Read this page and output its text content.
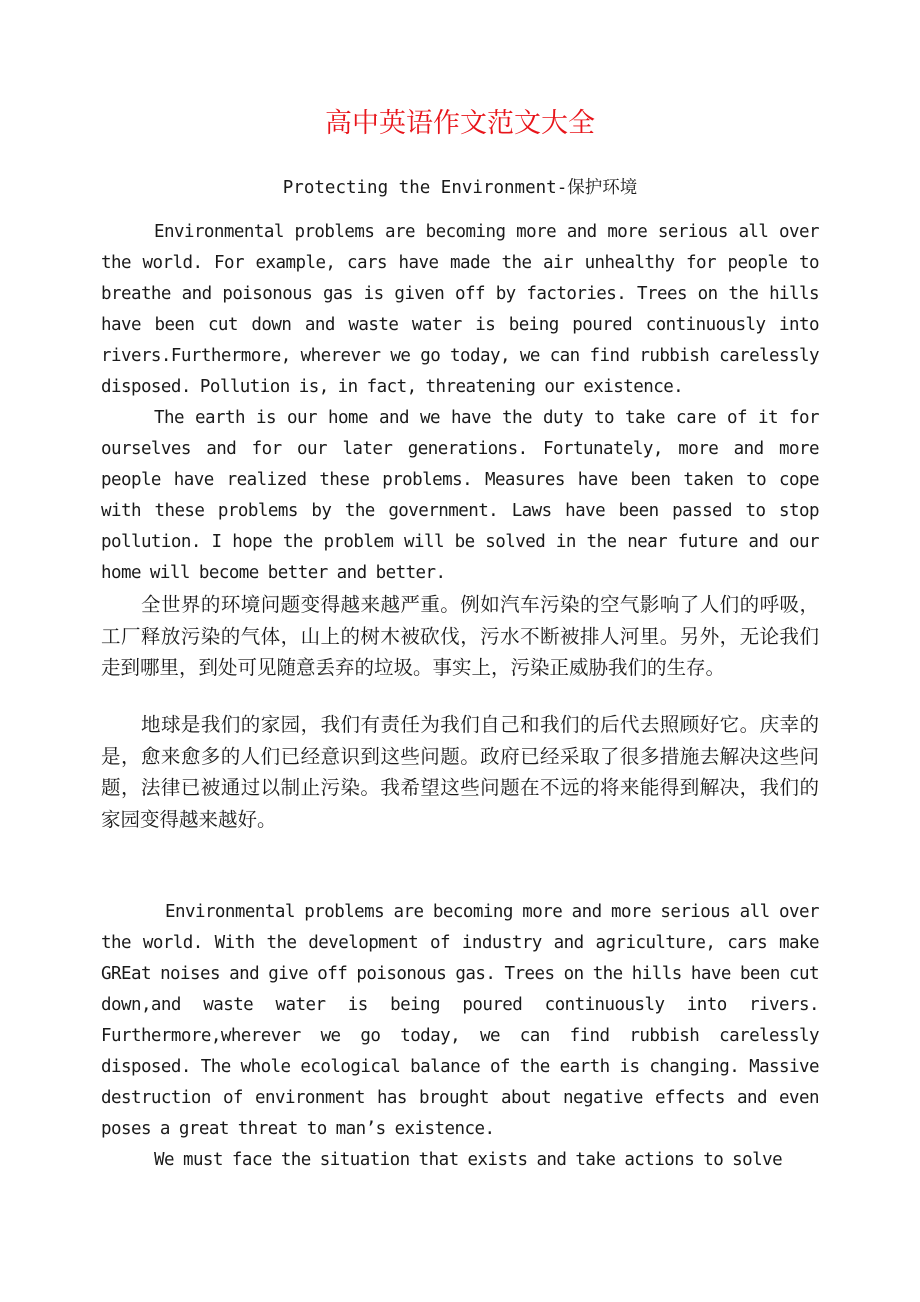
高中英语作文范文大全
Protecting the Environment-保护环境

Environmental problems are becoming more and more serious all over the world. For example, cars have made the air unhealthy for people to breathe and poisonous gas is given off by factories. Trees on the hills have been cut down and waste water is being poured continuously into rivers.Furthermore, wherever we go today, we can find rubbish carelessly disposed. Pollution is, in fact, threatening our existence.

The earth is our home and we have the duty to take care of it for ourselves and for our later generations. Fortunately, more and more people have realized these problems. Measures have been taken to cope with these problems by the government. Laws have been passed to stop pollution. I hope the problem will be solved in the near future and our home will become better and better.

全世界的环境问题变得越来越严重。例如汽车污染的空气影响了人们的呼吸，工厂释放污染的气体，山上的树木被砍伐，污水不断被排人河里。另外，无论我们走到哪里，到处可见随意丢弃的垃圾。事实上，污染正威胁我们的生存。

地球是我们的家园，我们有责任为我们自己和我们的后代去照顾好它。庆幸的是，愈来愈多的人们已经意识到这些问题。政府已经采取了很多措施去解决这些问题，法律已被通过以制止污染。我希望这些问题在不远的将来能得到解决，我们的家园变得越来越好。

Environmental problems are becoming more and more serious all over the world. With the development of industry and agriculture, cars make GREat noises and give off poisonous gas. Trees on the hills have been cut down,and waste water is being poured continuously into rivers. Furthermore,wherever we go today, we can find rubbish carelessly disposed. The whole ecological balance of the earth is changing. Massive destruction of environment has brought about negative effects and even poses a great threat to man’s existence.

We must face the situation that exists and take actions to solve
